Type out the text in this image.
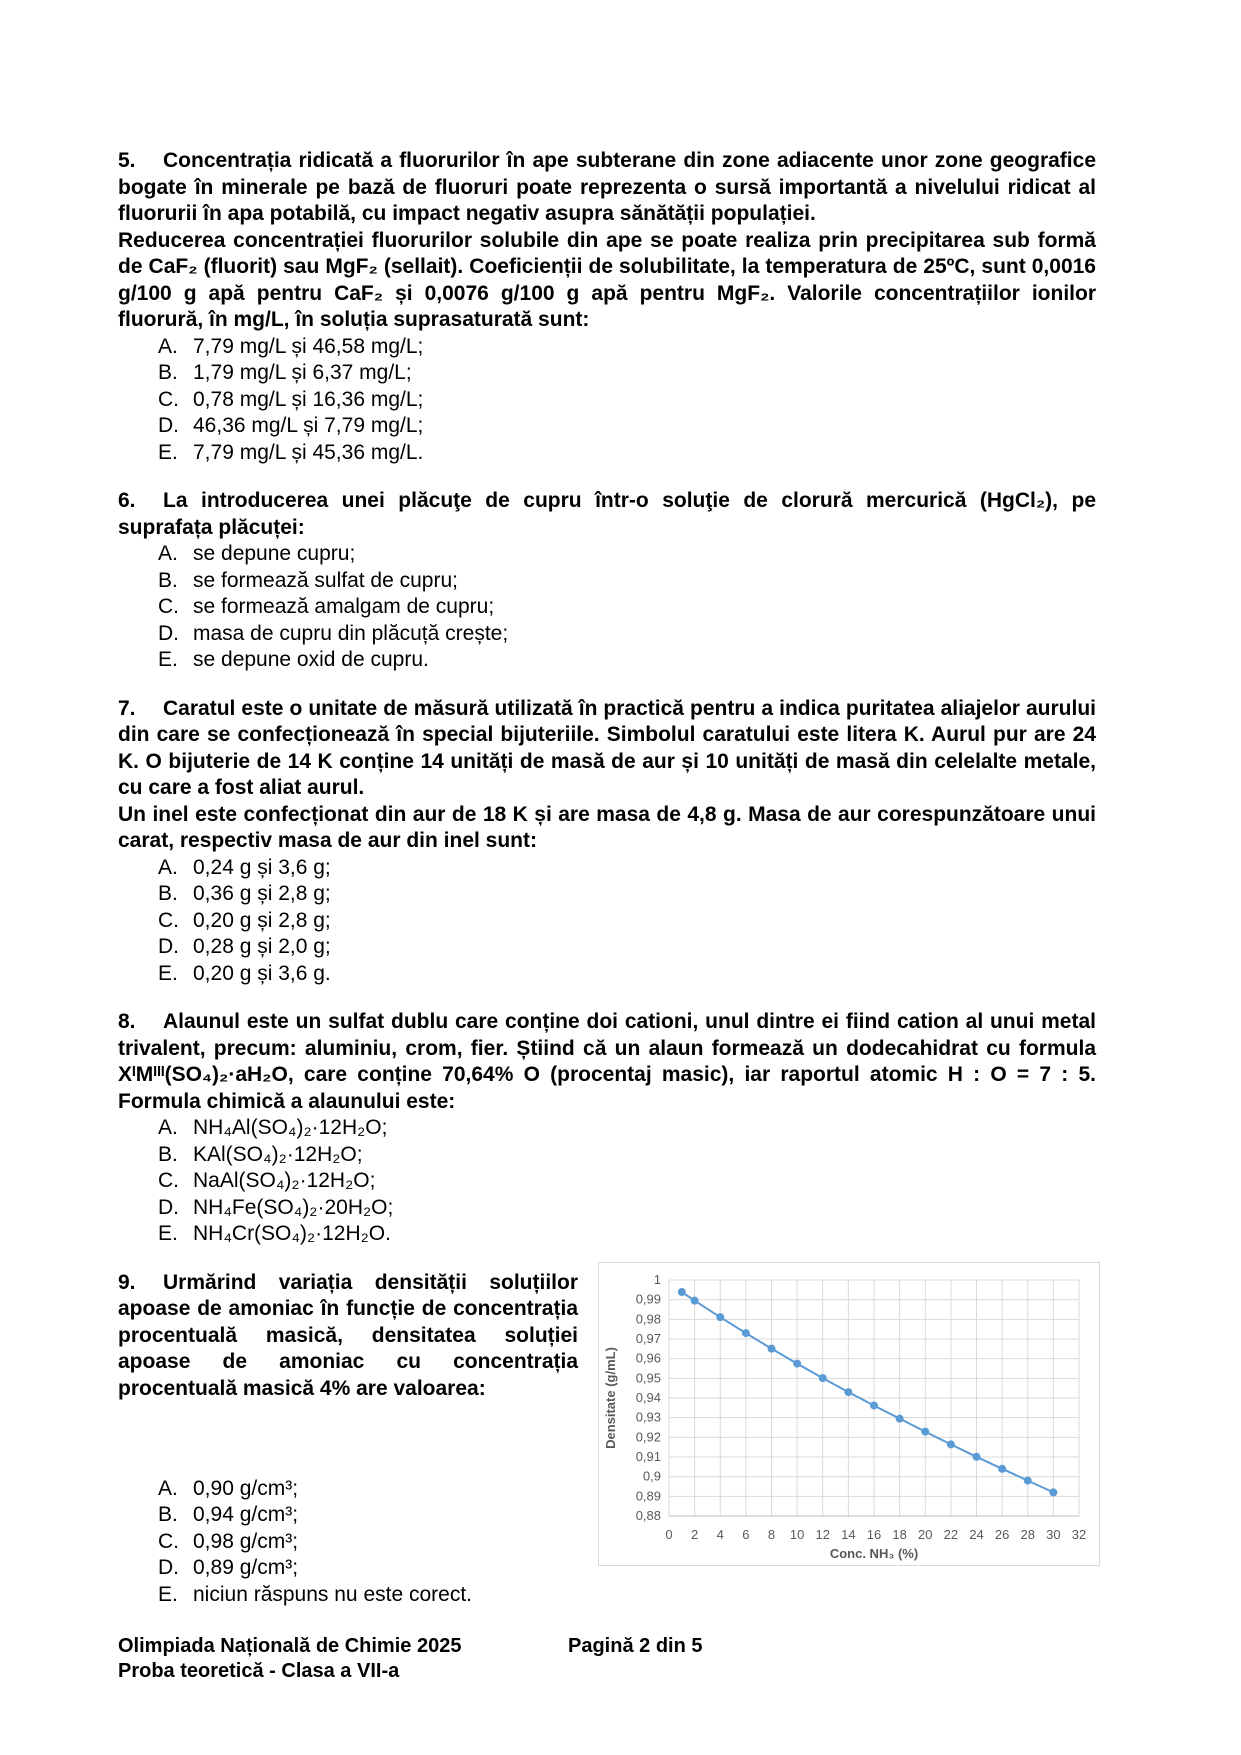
5. Concentrația ridicată a fluorurilor în ape subterane din zone adiacente unor zone geografice bogate în minerale pe bază de fluoruri poate reprezenta o sursă importantă a nivelului ridicat al fluorurii în apa potabilă, cu impact negativ asupra sănătății populației.
Reducerea concentrației fluorurilor solubile din ape se poate realiza prin precipitarea sub formă de CaF₂ (fluorit) sau MgF₂ (sellait). Coeficienții de solubilitate, la temperatura de 25ºC, sunt 0,0016 g/100 g apă pentru CaF₂ și 0,0076 g/100 g apă pentru MgF₂. Valorile concentrațiilor ionilor fluorură, în mg/L, în soluția suprasaturată sunt:
A. 7,79 mg/L și 46,58 mg/L;
B. 1,79 mg/L și 6,37 mg/L;
C. 0,78 mg/L și 16,36 mg/L;
D. 46,36 mg/L și 7,79 mg/L;
E. 7,79 mg/L și 45,36 mg/L.
6. La introducerea unei plăcuţe de cupru într-o soluţie de clorură mercurică (HgCl₂), pe suprafața plăcuței:
A. se depune cupru;
B. se formează sulfat de cupru;
C. se formează amalgam de cupru;
D. masa de cupru din plăcuță crește;
E. se depune oxid de cupru.
7. Caratul este o unitate de măsură utilizată în practică pentru a indica puritatea aliajelor aurului din care se confecționează în special bijuteriile. Simbolul caratului este litera K. Aurul pur are 24 K. O bijuterie de 14 K conține 14 unități de masă de aur și 10 unități de masă din celelalte metale, cu care a fost aliat aurul.
Un inel este confecționat din aur de 18 K și are masa de 4,8 g. Masa de aur corespunzătoare unui carat, respectiv masa de aur din inel sunt:
A. 0,24 g și 3,6 g;
B. 0,36 g și 2,8 g;
C. 0,20 g și 2,8 g;
D. 0,28 g și 2,0 g;
E. 0,20 g și 3,6 g.
8. Alaunul este un sulfat dublu care conține doi cationi, unul dintre ei fiind cation al unui metal trivalent, precum: aluminiu, crom, fier. Știind că un alaun formează un dodecahidrat cu formula XᴵMᴵᴵᴵ(SO₄)₂·aH₂O, care conține 70,64% O (procentaj masic), iar raportul atomic H : O = 7 : 5. Formula chimică a alaunului este:
A. NH₄Al(SO₄)₂·12H₂O;
B. KAl(SO₄)₂·12H₂O;
C. NaAl(SO₄)₂·12H₂O;
D. NH₄Fe(SO₄)₂·20H₂O;
E. NH₄Cr(SO₄)₂·12H₂O.
9. Urmărind variația densității soluțiilor apoase de amoniac în funcție de concentrația procentuală masică, densitatea soluției apoase de amoniac cu concentrația procentuală masică 4% are valoarea:
A. 0,90 g/cm³;
B. 0,94 g/cm³;
C. 0,98 g/cm³;
D. 0,89 g/cm³;
E. niciun răspuns nu este corect.
0 2 4 6 8 10 12 14 16 18 20 22 24 26 28 30 32
1
0,99
0,98
0,97
0,96
0,95
0,94
0,93
0,92
0,91
0,9
0,89
0,88
Conc. NH₃ (%)
Densitate (g/mL)
Olimpiada Națională de Chimie 2025	Pagină 2 din 5
Proba teoretică - Clasa a VII-a
